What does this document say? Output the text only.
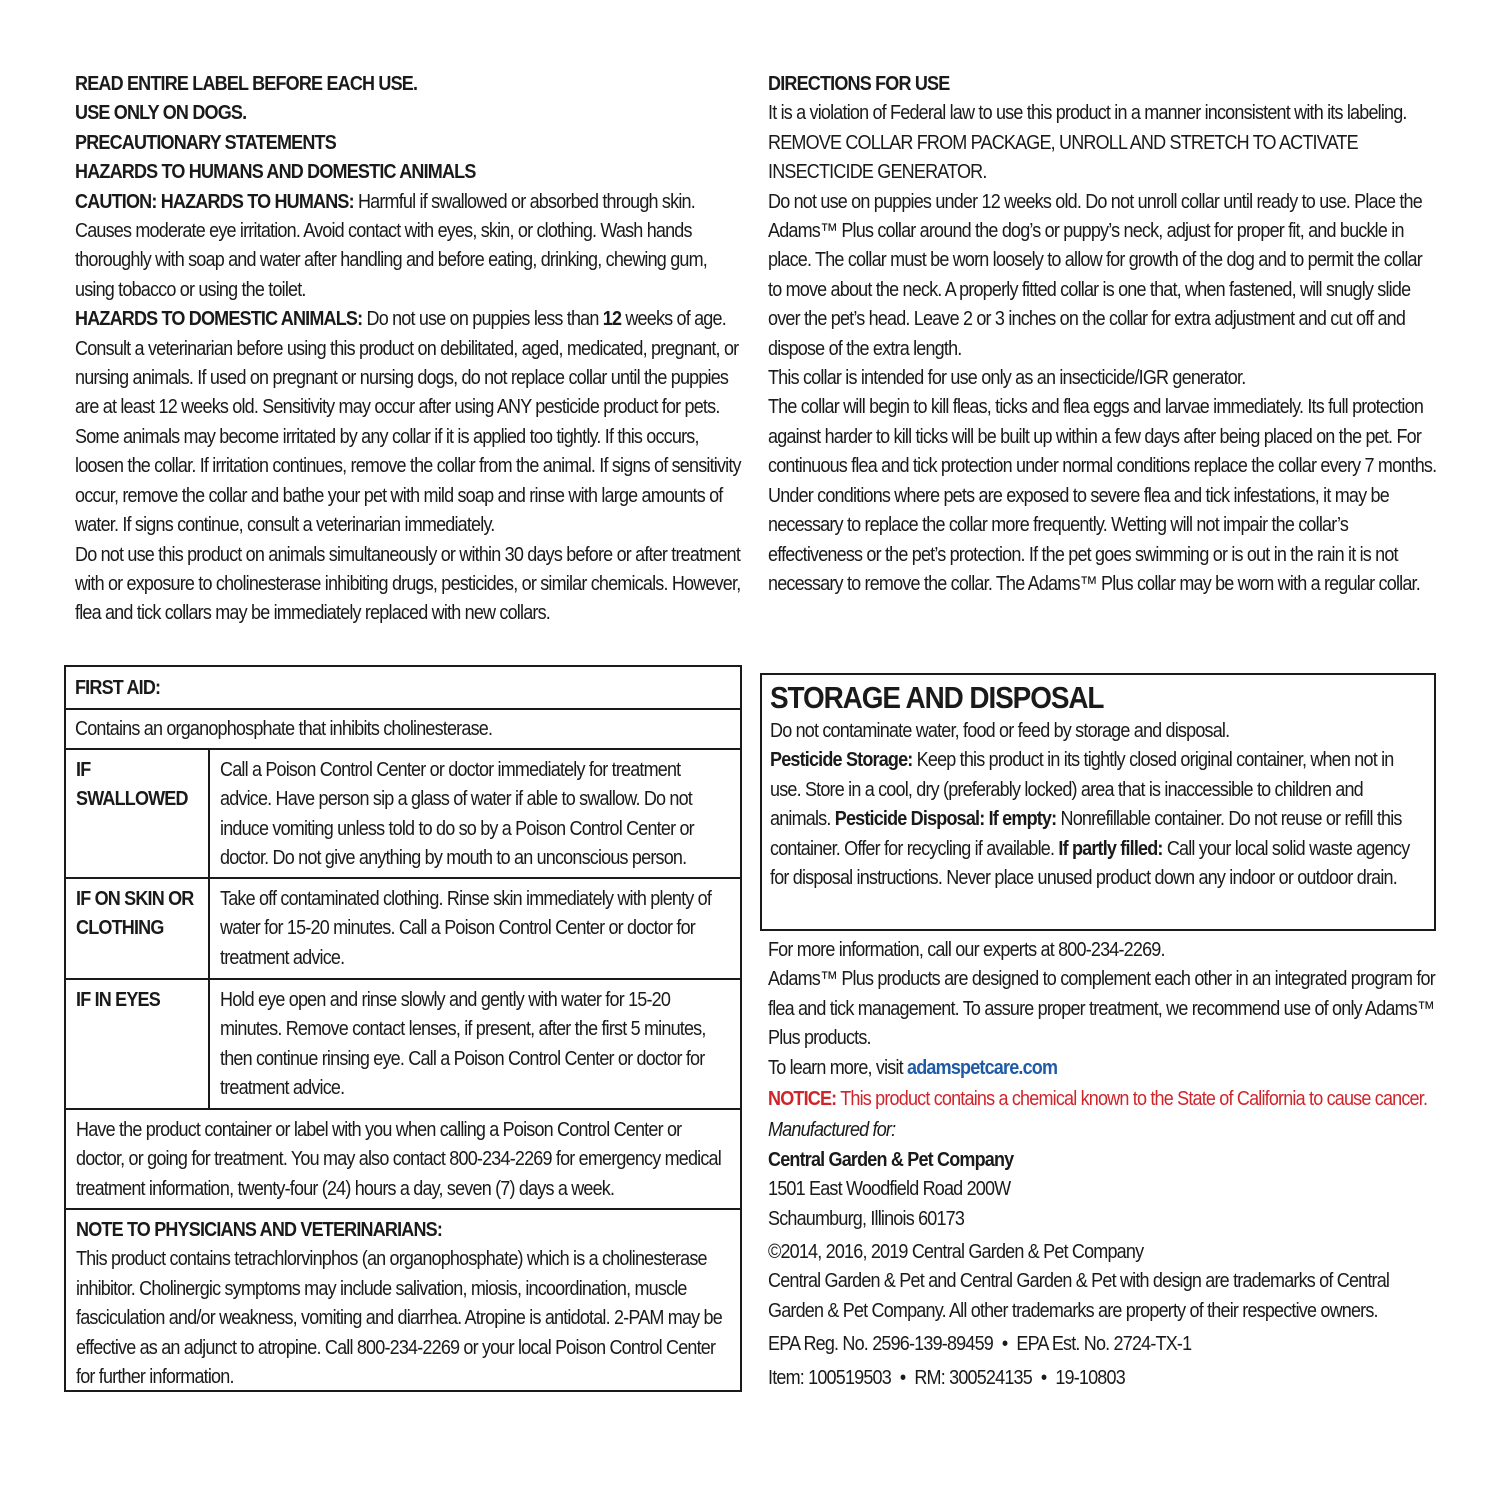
READ ENTIRE LABEL BEFORE EACH USE.

USE ONLY ON DOGS.

PRECAUTIONARY STATEMENTS

HAZARDS TO HUMANS AND DOMESTIC ANIMALS

CAUTION: HAZARDS TO HUMANS: Harmful if swallowed or absorbed through skin. Causes moderate eye irritation. Avoid contact with eyes, skin, or clothing. Wash hands thoroughly with soap and water after handling and before eating, drinking, chewing gum, using tobacco or using the toilet.

HAZARDS TO DOMESTIC ANIMALS: Do not use on puppies less than 12 weeks of age. Consult a veterinarian before using this product on debilitated, aged, medicated, pregnant, or nursing animals. If used on pregnant or nursing dogs, do not replace collar until the puppies are at least 12 weeks old. Sensitivity may occur after using ANY pesticide product for pets. Some animals may become irritated by any collar if it is applied too tightly. If this occurs, loosen the collar. If irritation continues, remove the collar from the animal. If signs of sensitivity occur, remove the collar and bathe your pet with mild soap and rinse with large amounts of water. If signs continue, consult a veterinarian immediately.

Do not use this product on animals simultaneously or within 30 days before or after treatment with or exposure to cholinesterase inhibiting drugs, pesticides, or similar chemicals. However, flea and tick collars may be immediately replaced with new collars.

FIRST AID:
Contains an organophosphate that inhibits cholinesterase.
IF SWALLOWED
Call a Poison Control Center or doctor immediately for treatment advice. Have person sip a glass of water if able to swallow. Do not induce vomiting unless told to do so by a Poison Control Center or doctor. Do not give anything by mouth to an unconscious person.
IF ON SKIN OR CLOTHING
Take off contaminated clothing. Rinse skin immediately with plenty of water for 15-20 minutes. Call a Poison Control Center or doctor for treatment advice.
IF IN EYES	Hold eye open and rinse slowly and gently with water for 15-20 minutes. Remove contact lenses, if present, after the first 5 minutes, then continue rinsing eye. Call a Poison Control Center or doctor for treatment advice.
Have the product container or label with you when calling a Poison Control Center or doctor, or going for treatment. You may also contact 800-234-2269 for emergency medical treatment information, twenty-four (24) hours a day, seven (7) days a week.

NOTE TO PHYSICIANS AND VETERINARIANS:

This product contains tetrachlorvinphos (an organophosphate) which is a cholinesterase inhibitor. Cholinergic symptoms may include salivation, miosis, incoordination, muscle fasciculation and/or weakness, vomiting and diarrhea. Atropine is antidotal. 2-PAM may be effective as an adjunct to atropine. Call 800-234-2269 or your local Poison Control Center for further information.

DIRECTIONS FOR USE

It is a violation of Federal law to use this product in a manner inconsistent with its labeling.

REMOVE COLLAR FROM PACKAGE, UNROLL AND STRETCH TO ACTIVATE INSECTICIDE GENERATOR.

Do not use on puppies under 12 weeks old. Do not unroll collar until ready to use. Place the Adams™ Plus collar around the dog’s or puppy’s neck, adjust for proper fit, and buckle in place. The collar must be worn loosely to allow for growth of the dog and to permit the collar to move about the neck. A properly fitted collar is one that, when fastened, will snugly slide over the pet’s head. Leave 2 or 3 inches on the collar for extra adjustment and cut off and dispose of the extra length.

This collar is intended for use only as an insecticide/IGR generator.

The collar will begin to kill fleas, ticks and flea eggs and larvae immediately. Its full protection against harder to kill ticks will be built up within a few days after being placed on the pet. For continuous flea and tick protection under normal conditions replace the collar every 7 months. Under conditions where pets are exposed to severe flea and tick infestations, it may be necessary to replace the collar more frequently. Wetting will not impair the collar’s effectiveness or the pet’s protection. If the pet goes swimming or is out in the rain it is not necessary to remove the collar. The Adams™ Plus collar may be worn with a regular collar.

STORAGE AND DISPOSAL

Do not contaminate water, food or feed by storage and disposal.

Pesticide Storage: Keep this product in its tightly closed original container, when not in use. Store in a cool, dry (preferably locked) area that is inaccessible to children and animals. Pesticide Disposal: If empty: Nonrefillable container. Do not reuse or refill this container. Offer for recycling if available. If partly filled: Call your local solid waste agency for disposal instructions. Never place unused product down any indoor or outdoor drain.

For more information, call our experts at 800-234-2269.

Adams™ Plus products are designed to complement each other in an integrated program for flea and tick management. To assure proper treatment, we recommend use of only Adams™ Plus products.

To learn more, visit adamspetcare.com

NOTICE: This product contains a chemical known to the State of California to cause cancer.

Manufactured for:

Central Garden & Pet Company

1501 East Woodfield Road 200W

Schaumburg, Illinois 60173

©2014, 2016, 2019 Central Garden & Pet Company

Central Garden & Pet and Central Garden & Pet with design are trademarks of Central Garden & Pet Company. All other trademarks are property of their respective owners.

EPA Reg. No. 2596-139-89459 • EPA Est. No. 2724-TX-1

Item: 100519503 • RM: 300524135 • 19-10803
